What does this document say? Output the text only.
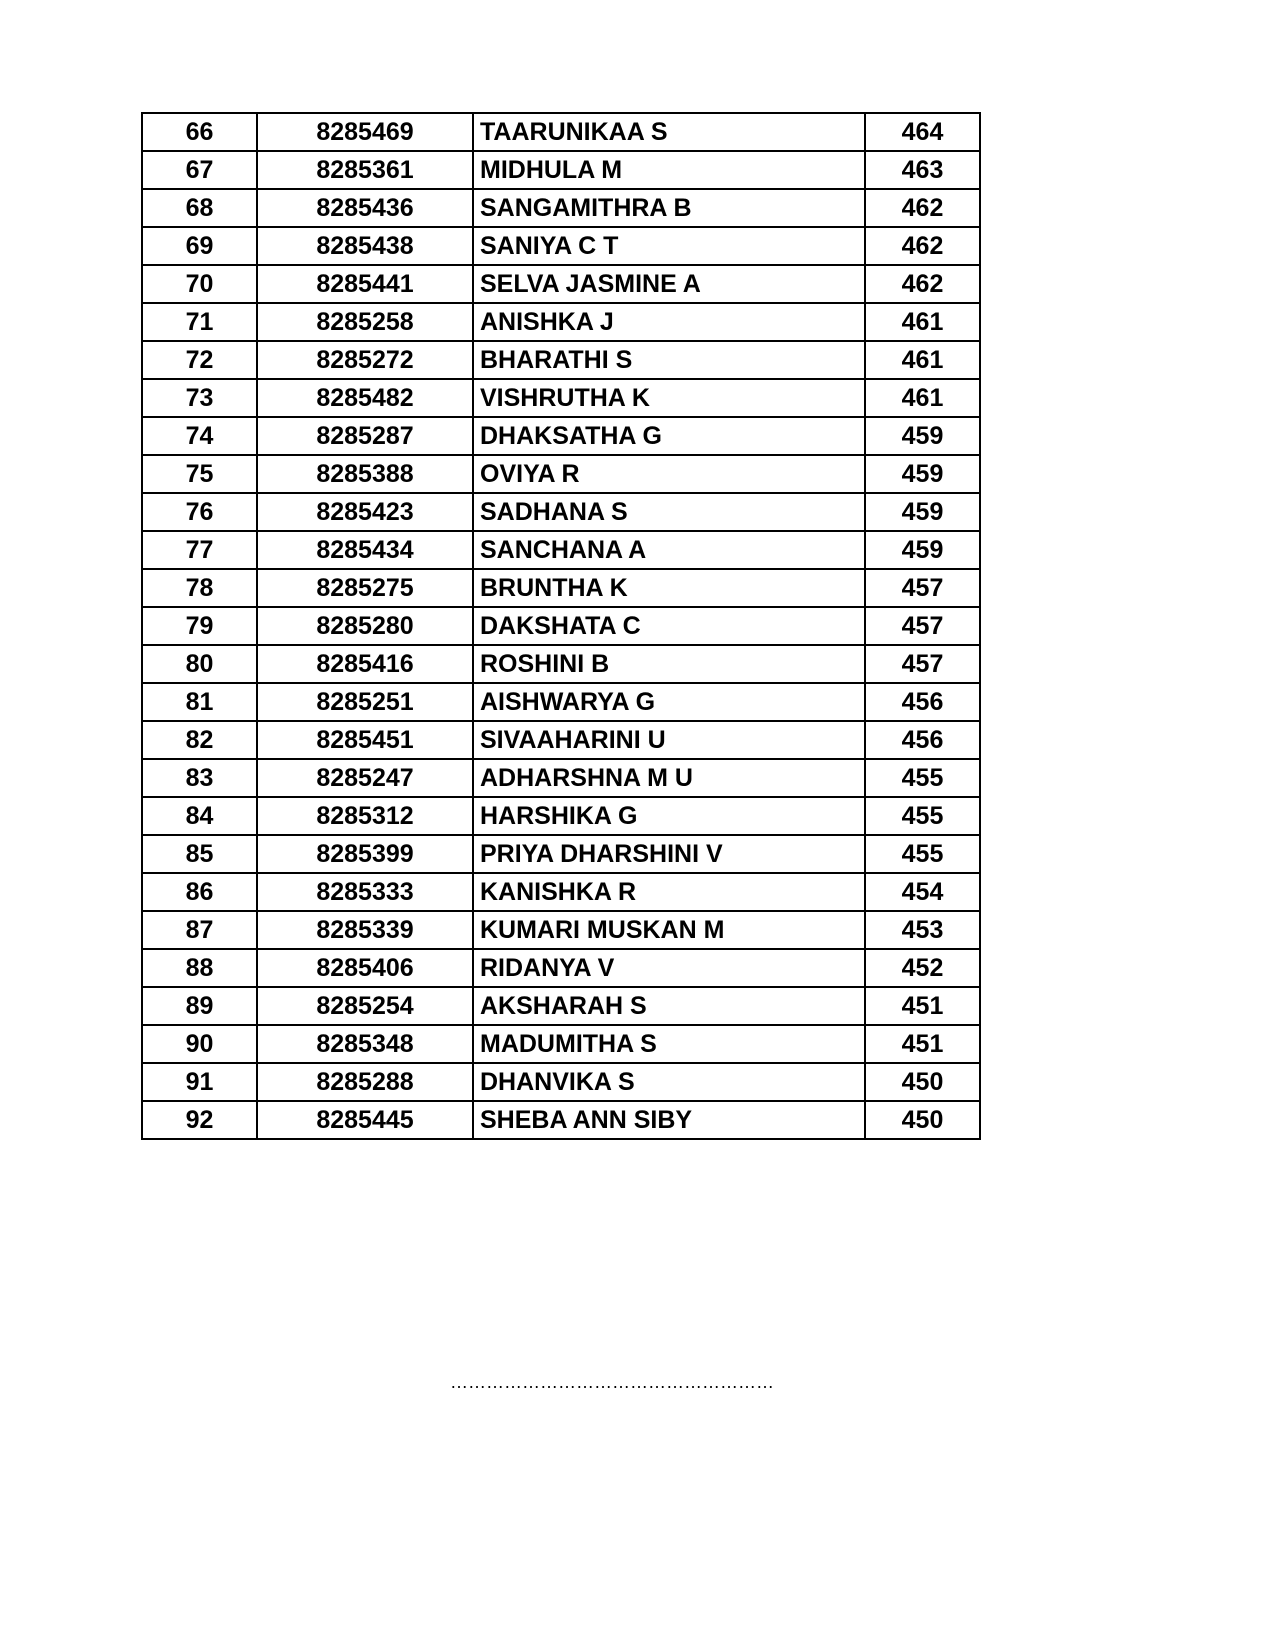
66	8285469	TAARUNIKAA S	464
67	8285361	MIDHULA M	463
68	8285436	SANGAMITHRA B	462
69	8285438	SANIYA C T	462
70	8285441	SELVA JASMINE A	462
71	8285258	ANISHKA J	461
72	8285272	BHARATHI S	461
73	8285482	VISHRUTHA K	461
74	8285287	DHAKSATHA G	459
75	8285388	OVIYA R	459
76	8285423	SADHANA S	459
77	8285434	SANCHANA A	459
78	8285275	BRUNTHA K	457
79	8285280	DAKSHATA C	457
80	8285416	ROSHINI B	457
81	8285251	AISHWARYA G	456
82	8285451	SIVAAHARINI U	456
83	8285247	ADHARSHNA M U	455
84	8285312	HARSHIKA G	455
85	8285399	PRIYA DHARSHINI V	455
86	8285333	KANISHKA R	454
87	8285339	KUMARI MUSKAN M	453
88	8285406	RIDANYA V	452
89	8285254	AKSHARAH S	451
90	8285348	MADUMITHA S	451
91	8285288	DHANVIKA S	450
92	8285445	SHEBA ANN SIBY	450
………………………………………………
